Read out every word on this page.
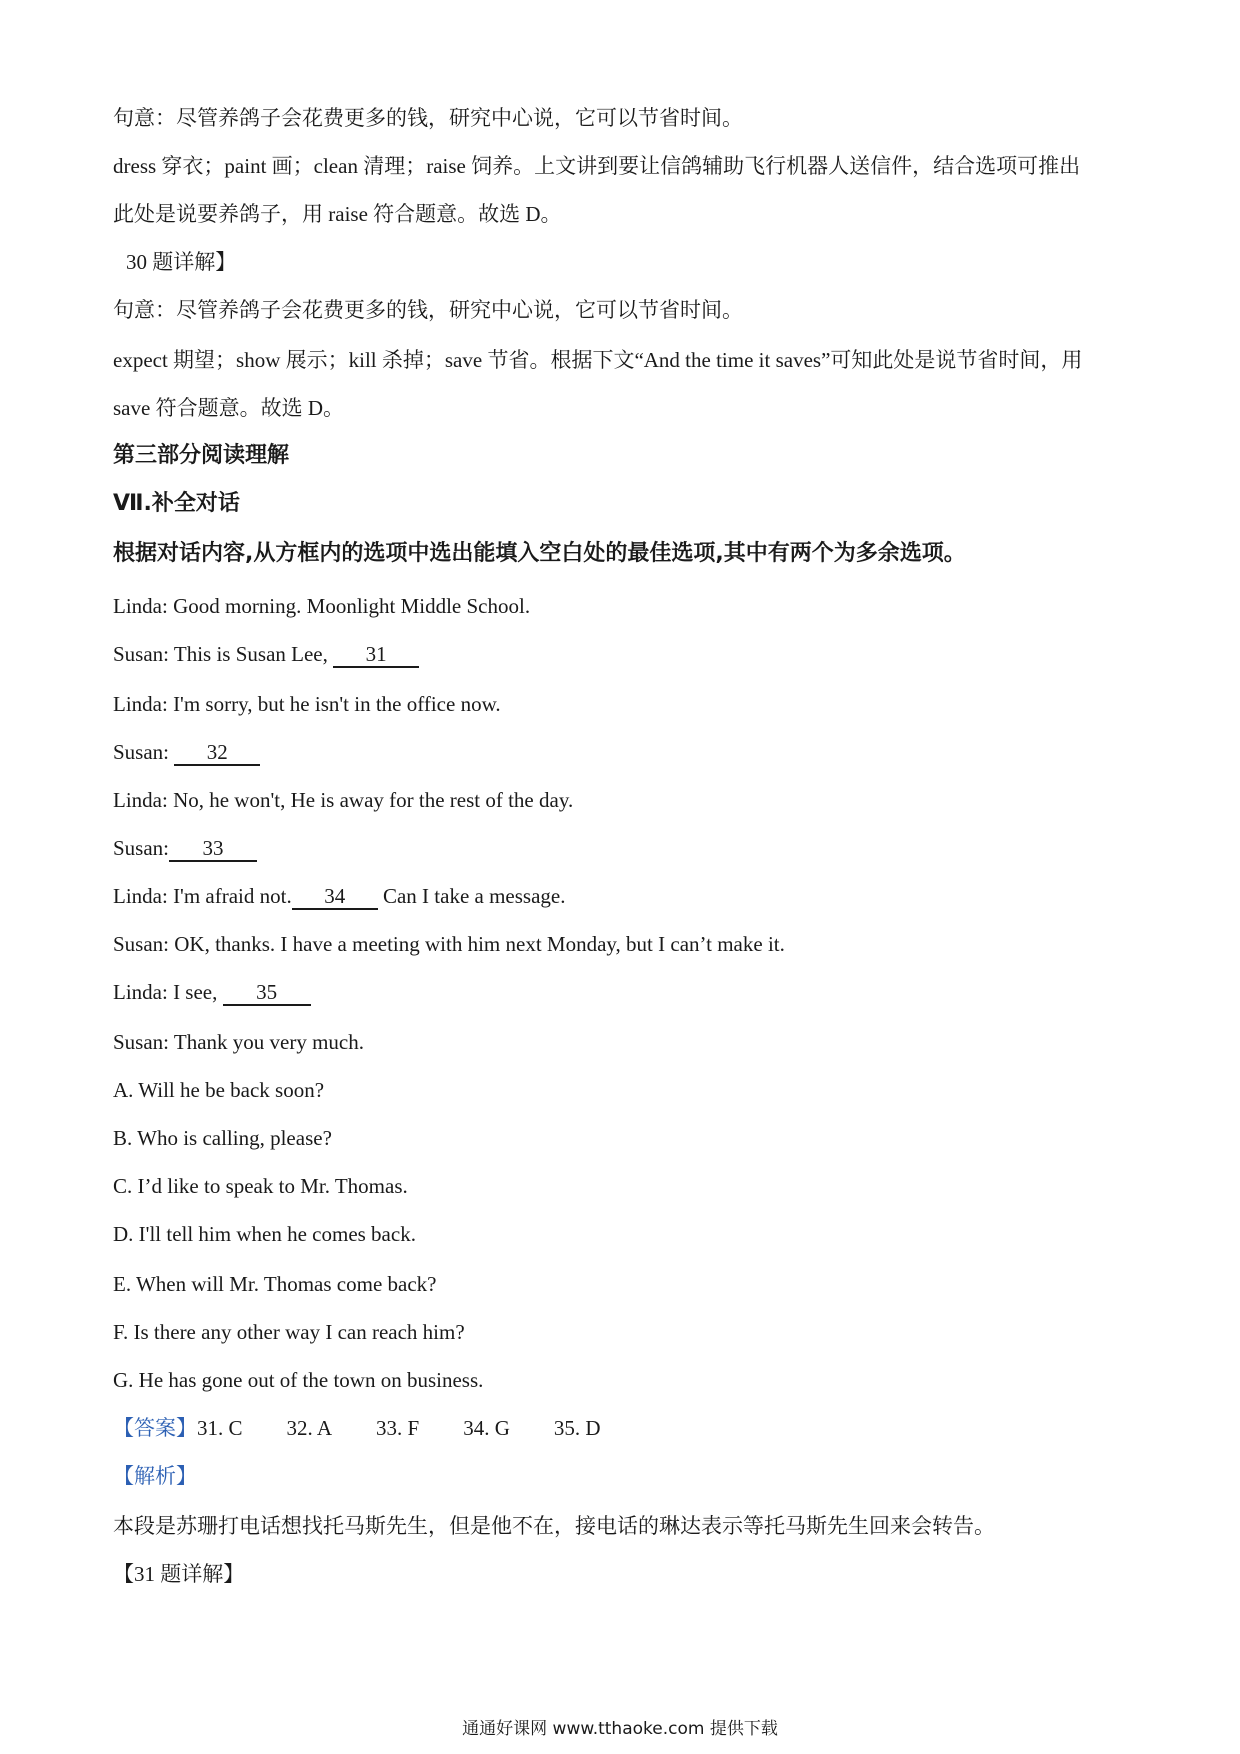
句意：尽管养鸽子会花费更多的钱，研究中心说，它可以节省时间。
dress 穿衣；paint 画；clean 清理；raise 饲养。上文讲到要让信鸽辅助飞行机器人送信件，结合选项可推出
此处是说要养鸽子，用 raise 符合题意。故选 D。
30 题详解】
句意：尽管养鸽子会花费更多的钱，研究中心说，它可以节省时间。
expect 期望；show 展示；kill 杀掉；save 节省。根据下文“And the time it saves”可知此处是说节省时间，用
save 符合题意。故选 D。
第三部分阅读理解
Ⅶ.补全对话
根据对话内容,从方框内的选项中选出能填入空白处的最佳选项,其中有两个为多余选项。
Linda: Good morning. Moonlight Middle School.
Susan: This is Susan Lee, 31
Linda: I'm sorry, but he isn't in the office now.
Susan: 32
Linda: No, he won't, He is away for the rest of the day.
Susan: 33
Linda: I'm afraid not. 34 Can I take a message.
Susan: OK, thanks. I have a meeting with him next Monday, but I can’t make it.
Linda: I see, 35
Susan: Thank you very much.
A. Will he be back soon?
B. Who is calling, please?
C. I’d like to speak to Mr. Thomas.
D. I'll tell him when he comes back.
E. When will Mr. Thomas come back?
F. Is there any other way I can reach him?
G. He has gone out of the town on business.
【答案】31. C 32. A 33. F 34. G 35. D
【解析】
本段是苏珊打电话想找托马斯先生，但是他不在，接电话的琳达表示等托马斯先生回来会转告。
【31 题详解】
通通好课网 www.tthaoke.com 提供下载
